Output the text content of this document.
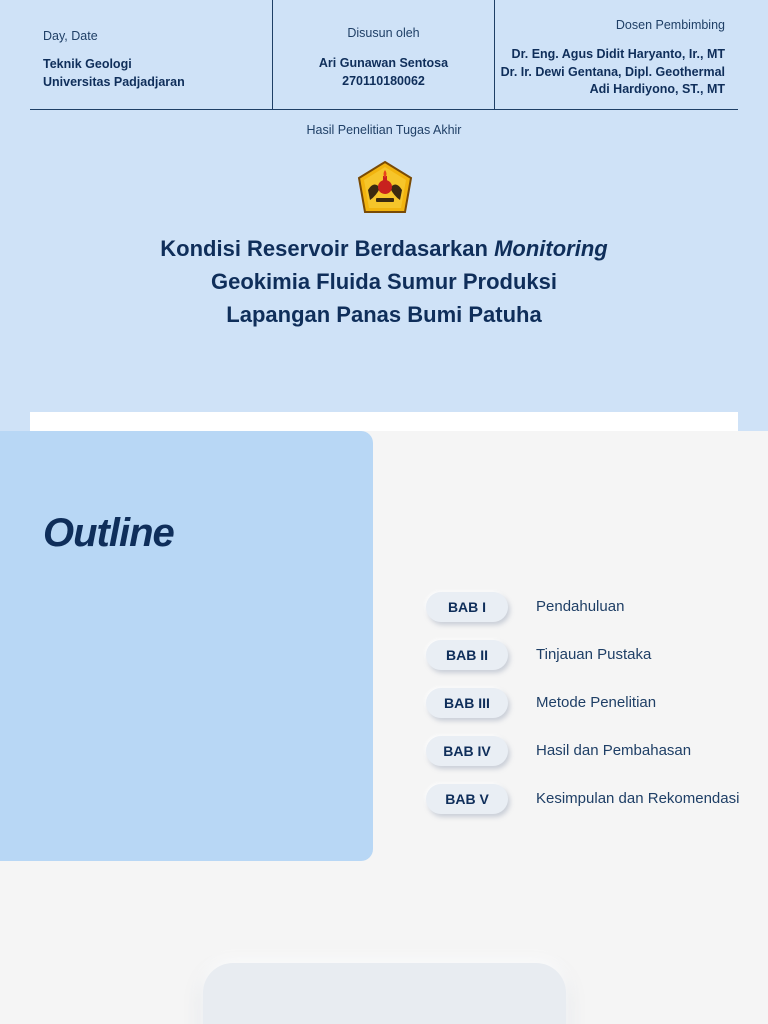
Day, Date
Teknik Geologi
Universitas Padjadjaran
Disusun oleh
Ari Gunawan Sentosa
270110180062
Dosen Pembimbing
Dr. Eng. Agus Didit Haryanto, Ir., MT
Dr. Ir. Dewi Gentana, Dipl. Geothermal
Adi Hardiyono, ST., MT
Hasil Penelitian Tugas Akhir
Kondisi Reservoir Berdasarkan Monitoring
Geokimia Fluida Sumur Produksi
Lapangan Panas Bumi Patuha
Outline
BAB I	Pendahuluan
BAB II	Tinjauan Pustaka
BAB III	Metode Penelitian
BAB IV	Hasil dan Pembahasan
BAB V	Kesimpulan dan Rekomendasi
